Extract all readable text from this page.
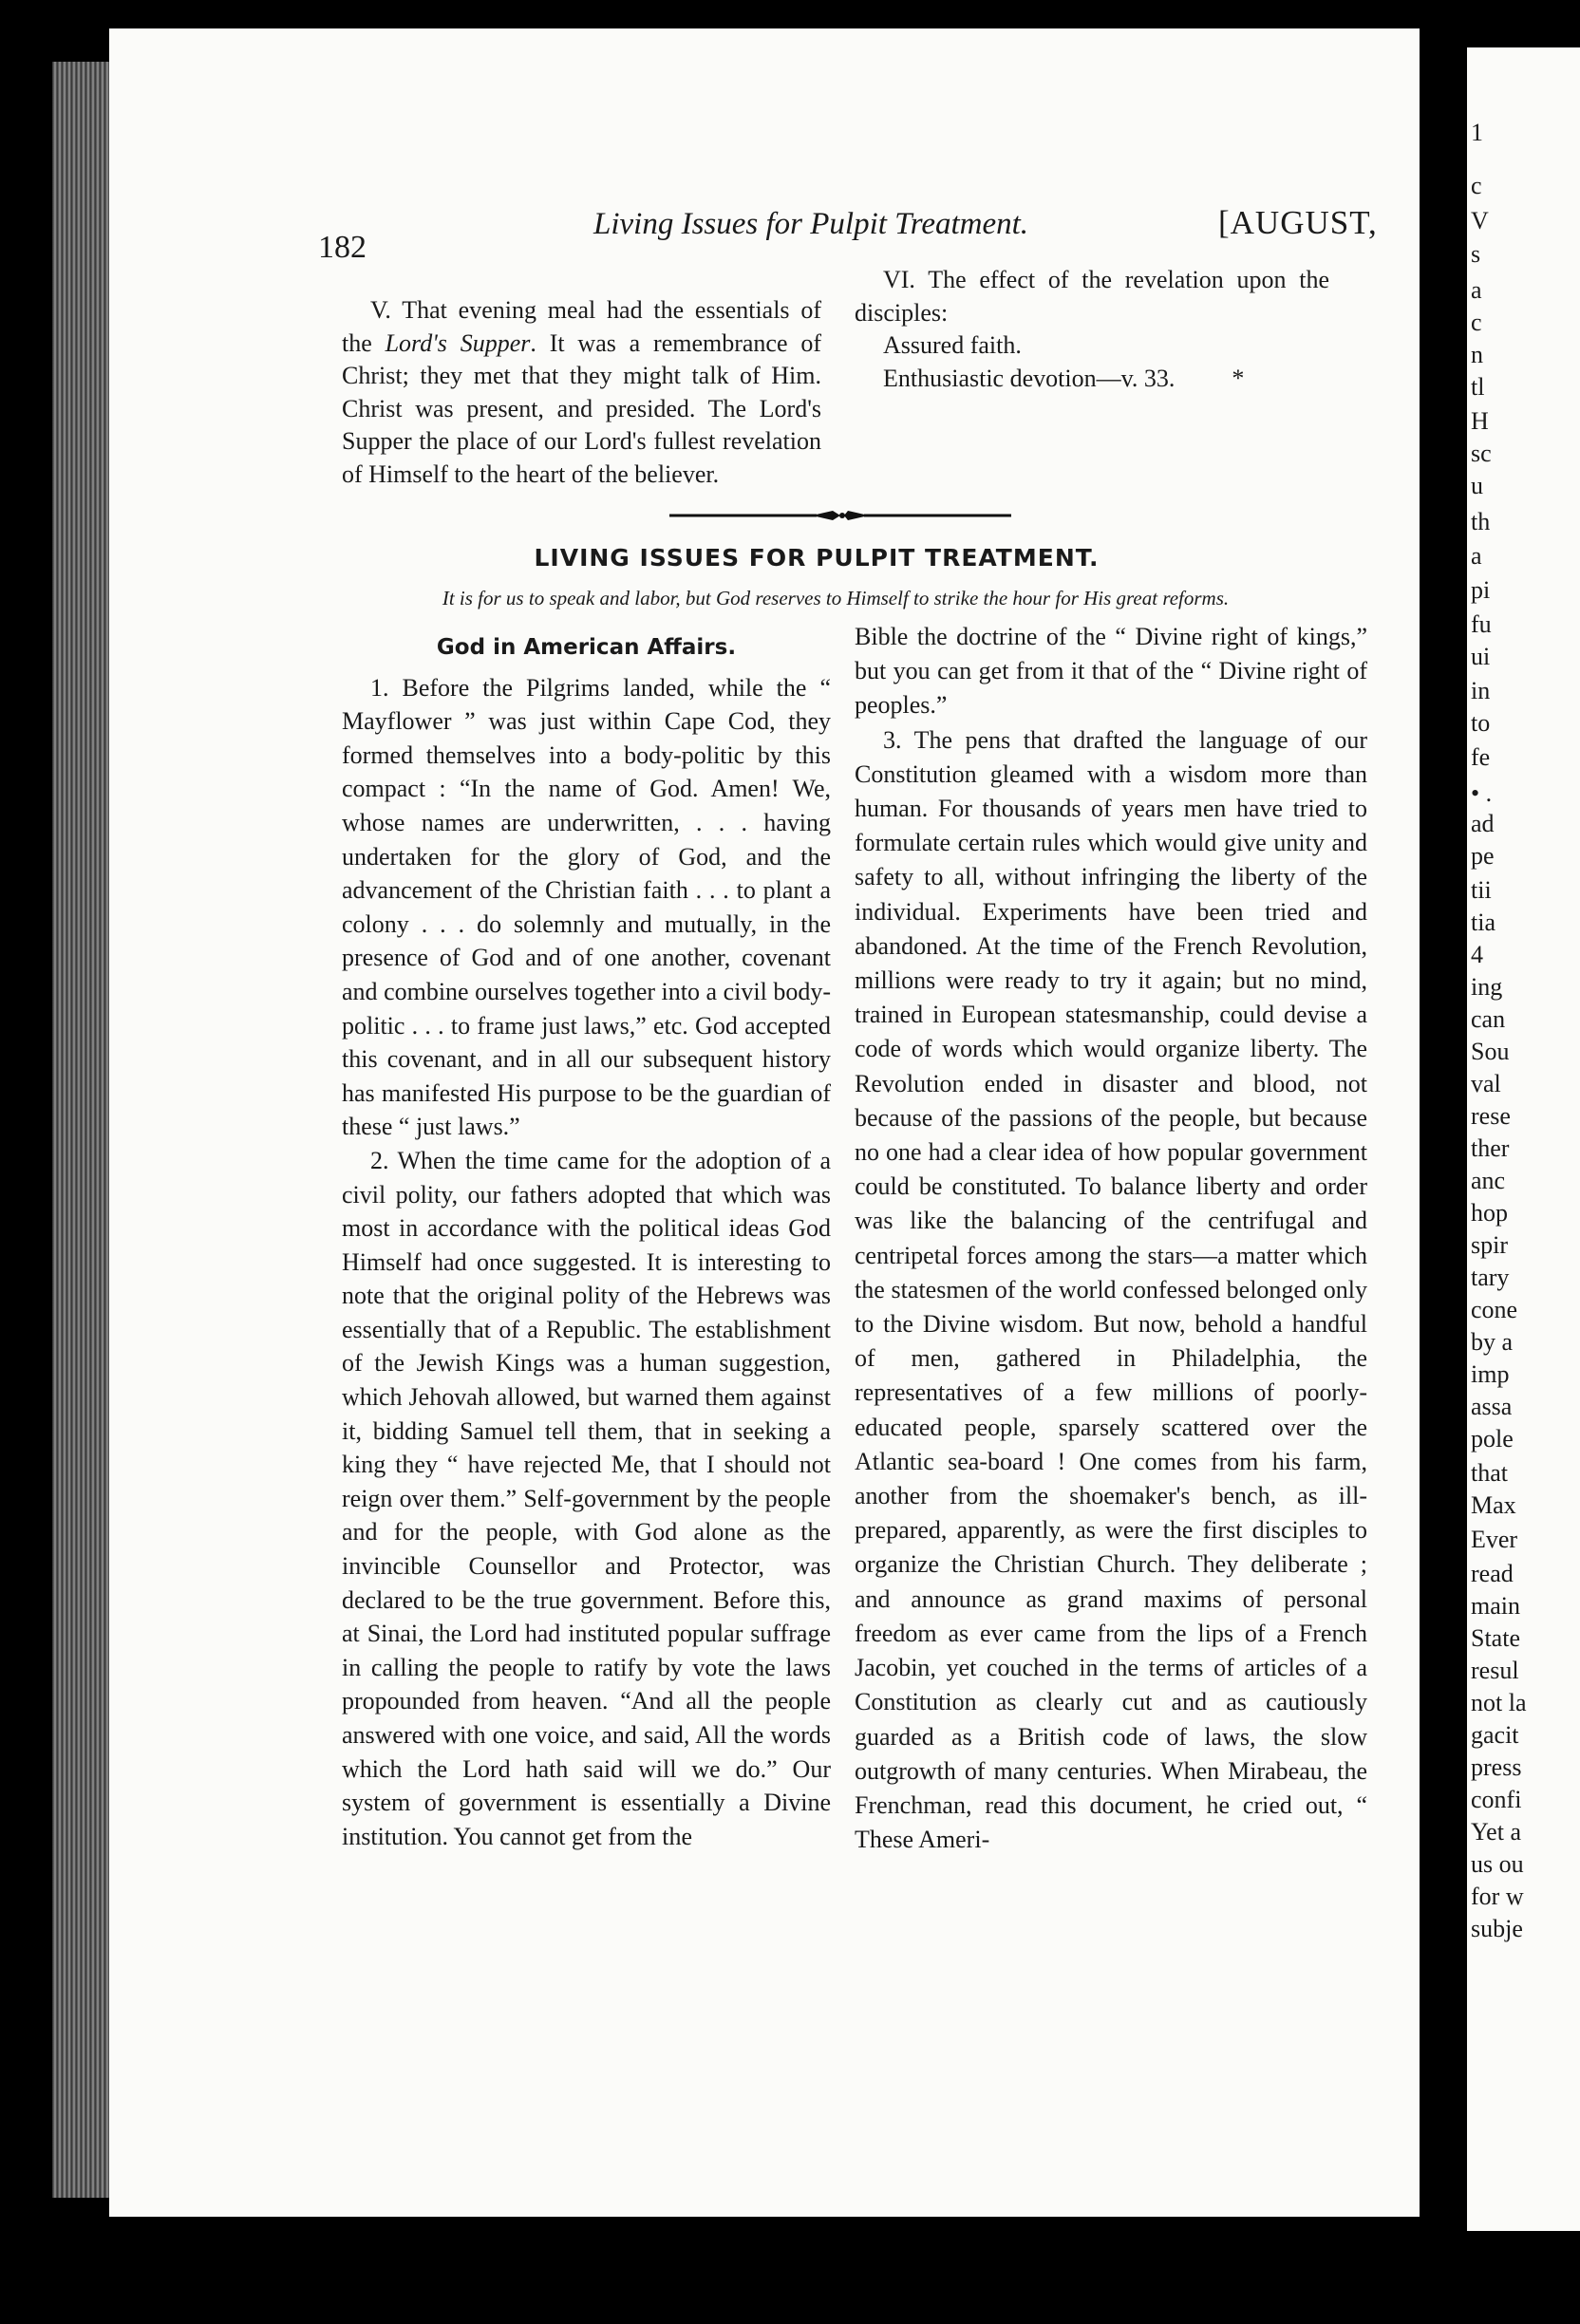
1
c
V
s
a
c
n
tl
H
sc
u
th
a
pi
fu
ui
in
to
fe
• .
ad
pe
tii
tia
4
ing
can
Sou
val
rese
ther
anc
hop
spir
tary
cone
by a
imp
assa
pole
that
Max
Ever
read
main
State
resul
not la
gacit
press
confi
Yet a
us ou
for w
subje
182
Living Issues for Pulpit Treatment.	[AUGUST,

V. That evening meal had the essentials of the Lord's Supper. It was a remembrance of Christ; they met that they might talk of Him. Christ was present, and presided. The Lord's Supper the place of our Lord's fullest revelation of Himself to the heart of the believer.

VI. The effect of the revelation upon the disciples:

Assured faith.
Enthusiastic devotion—v. 33. *
LIVING ISSUES FOR PULPIT TREATMENT.
It is for us to speak and labor, but God reserves to Himself to strike the hour for His great reforms.
God in American Affairs.

1. Before the Pilgrims landed, while the “ Mayflower ” was just within Cape Cod, they formed themselves into a body-politic by this compact : “In the name of God. Amen! We, whose names are underwritten, . . . having undertaken for the glory of God, and the advancement of the Christian faith . . . to plant a colony . . . do solemnly and mutually, in the presence of God and of one another, covenant and combine ourselves together into a civil body-politic . . . to frame just laws,” etc. God accepted this covenant, and in all our subsequent history has manifested His purpose to be the guardian of these “ just laws.”

2. When the time came for the adoption of a civil polity, our fathers adopted that which was most in accordance with the political ideas God Himself had once suggested. It is interesting to note that the original polity of the Hebrews was essentially that of a Republic. The establishment of the Jewish Kings was a human suggestion, which Jehovah allowed, but warned them against it, bidding Samuel tell them, that in seeking a king they “ have rejected Me, that I should not reign over them.” Self-government by the people and for the people, with God alone as the invincible Counsellor and Protector, was declared to be the true government. Before this, at Sinai, the Lord had instituted popular suffrage in calling the people to ratify by vote the laws propounded from heaven. “And all the people answered with one voice, and said, All the words which the Lord hath said will we do.” Our system of government is essentially a Divine institution. You cannot get from the

Bible the doctrine of the “ Divine right of kings,” but you can get from it that of the “ Divine right of peoples.”

3. The pens that drafted the language of our Constitution gleamed with a wisdom more than human. For thousands of years men have tried to formulate certain rules which would give unity and safety to all, without infringing the liberty of the individual. Experiments have been tried and abandoned. At the time of the French Revolution, millions were ready to try it again; but no mind, trained in European statesmanship, could devise a code of words which would organize liberty. The Revolution ended in disaster and blood, not because of the passions of the people, but because no one had a clear idea of how popular government could be constituted. To balance liberty and order was like the balancing of the centrifugal and centripetal forces among the stars—a matter which the statesmen of the world confessed belonged only to the Divine wisdom. But now, behold a handful of men, gathered in Philadelphia, the representatives of a few millions of poorly-educated people, sparsely scattered over the Atlantic sea-board ! One comes from his farm, another from the shoemaker's bench, as ill-prepared, apparently, as were the first disciples to organize the Christian Church. They deliberate ; and announce as grand maxims of personal freedom as ever came from the lips of a French Jacobin, yet couched in the terms of articles of a Constitution as clearly cut and as cautiously guarded as a British code of laws, the slow outgrowth of many centuries. When Mirabeau, the Frenchman, read this document, he cried out, “ These Ameri-
